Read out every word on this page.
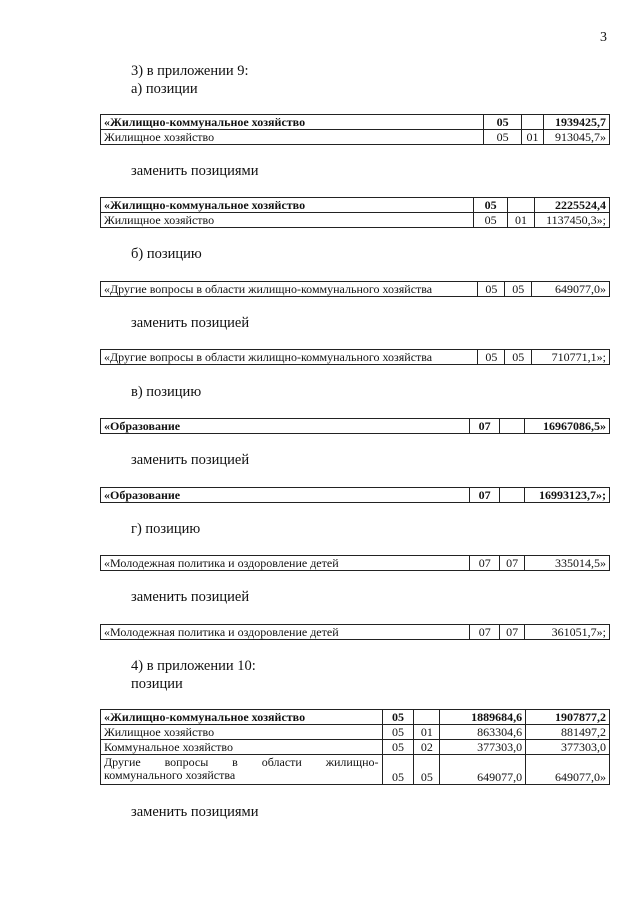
3
3) в приложении 9:
а) позиции
«Жилищно-коммунальное хозяйство	05		1939425,7
Жилищное хозяйство	05	01	913045,7»
заменить позициями
«Жилищно-коммунальное хозяйство	05		2225524,4
Жилищное хозяйство	05	01	1137450,3»;
б) позицию
«Другие вопросы в области жилищно-коммунального хозяйства	05	05	649077,0»
заменить позицией
«Другие вопросы в области жилищно-коммунального хозяйства	05	05	710771,1»;
в) позицию
«Образование	07		16967086,5»
заменить позицией
«Образование	07		16993123,7»;
г) позицию
«Молодежная политика и оздоровление детей	07	07	335014,5»
заменить позицией
«Молодежная политика и оздоровление детей	07	07	361051,7»;
4) в приложении 10:
позиции
«Жилищно-коммунальное хозяйство	05		1889684,6	1907877,2
Жилищное хозяйство	05	01	863304,6	881497,2
Коммунальное хозяйство	05	02	377303,0	377303,0

Другие вопросы в области жилищно-
коммунального хозяйства	05	05	649077,0	649077,0»
заменить позициями
